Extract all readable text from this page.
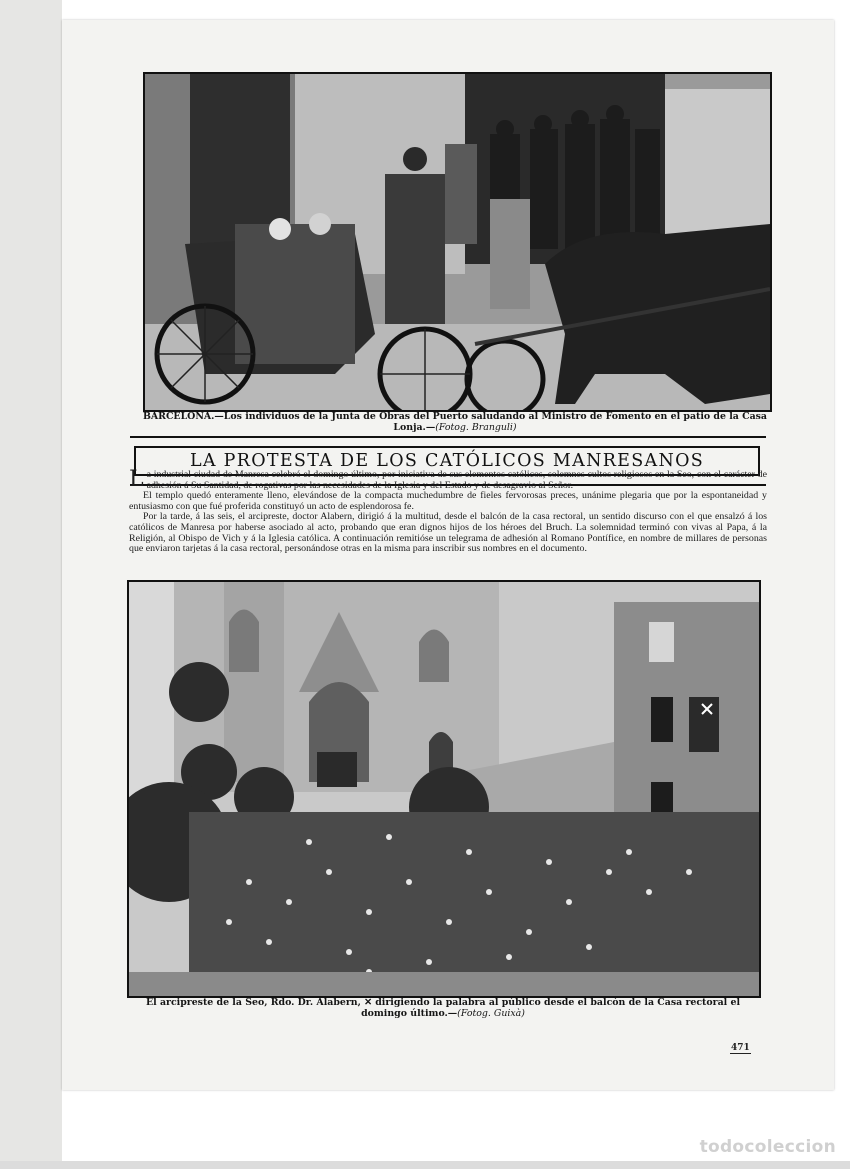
BARCELONA.—Los individuos de la Junta de Obras del Puerto saludando al Ministro de Fomento en el patio de la Casa Lonja.—(Fotog. Branguli)
LA PROTESTA DE LOS CATÓLICOS MANRESANOS

La industrial ciudad de Manresa celebró el domingo último, por iniciativa de sus elementos católicos, solemnes cultos religiosos en la Seo, con el carácter de adhesión á Su Santidad, de rogativas por las necesidades de la Iglesia y del Estado y de desagravio al Señor.

El templo quedó enteramente lleno, elevándose de la compacta muchedumbre de fieles fervorosas preces, unánime plegaria que por la espontaneidad y entusiasmo con que fué proferida constituyó un acto de esplendorosa fe.

Por la tarde, á las seis, el arcipreste, doctor Alabern, dirigió á la multitud, desde el balcón de la casa rectoral, un sentido discurso con el que ensalzó á los católicos de Manresa por haberse asociado al acto, probando que eran dignos hijos de los héroes del Bruch. La solemnidad terminó con vivas al Papa, á la Religión, al Obispo de Vich y á la Iglesia católica. A continuación remitióse un telegrama de adhesión al Romano Pontífice, en nombre de millares de personas que enviaron tarjetas á la casa rectoral, personándose otras en la misma para inscribir sus nombres en el documento.

El arcipreste de la Seo, Rdo. Dr. Alabern, ✕ dirigiendo la palabra al público desde el balcón de la Casa rectoral el domingo último.—(Fotog. Guixà)
471
todocoleccion
